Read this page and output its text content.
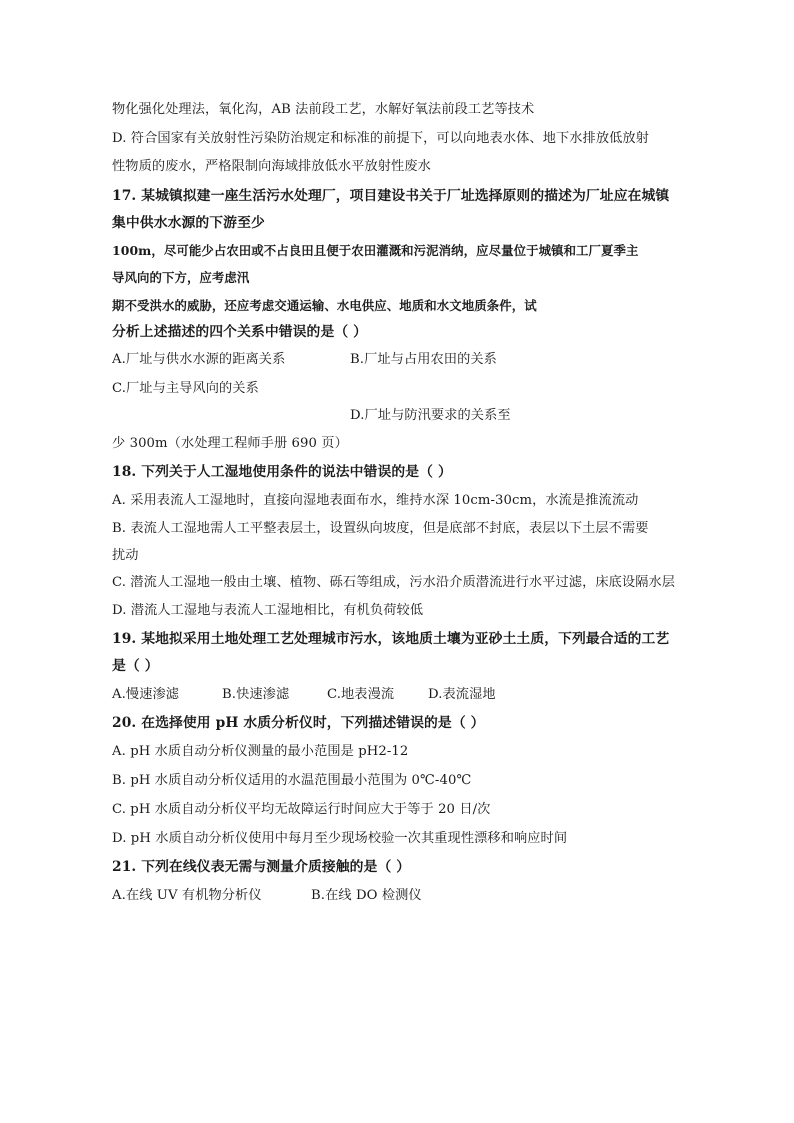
物化强化处理法，氧化沟，AB 法前段工艺，水解好氧法前段工艺等技术
D. 符合国家有关放射性污染防治规定和标准的前提下，可以向地表水体、地下水排放低放射
性物质的废水，严格限制向海域排放低水平放射性废水
17. 某城镇拟建一座生活污水处理厂，项目建设书关于厂址选择原则的描述为厂址应在城镇
集中供水水源的下游至少
100m，尽可能少占农田或不占良田且便于农田灌溉和污泥消纳，应尽量位于城镇和工厂夏季主
导风向的下方，应考虑汛
期不受洪水的威胁，还应考虑交通运输、水电供应、地质和水文地质条件，试
分析上述描述的四个关系中错误的是（ ）
A.厂址与供水水源的距离关系	B.厂址与占用农田的关系
C.厂址与主导风向的关系
D.厂址与防汛要求的关系至
少 300m（水处理工程师手册 690 页）
18. 下列关于人工湿地使用条件的说法中错误的是（ ）
A. 采用表流人工湿地时，直接向湿地表面布水，维持水深 10cm-30cm，水流是推流流动
B. 表流人工湿地需人工平整表层土，设置纵向坡度，但是底部不封底，表层以下土层不需要
扰动
C. 潜流人工湿地一般由土壤、植物、砾石等组成，污水沿介质潜流进行水平过滤，床底设隔水层
D. 潜流人工湿地与表流人工湿地相比，有机负荷较低
19. 某地拟采用土地处理工艺处理城市污水，该地质土壤为亚砂土土质，下列最合适的工艺
是（ ）
A.慢速渗滤	B.快速渗滤	C.地表漫流	D.表流湿地
20. 在选择使用 pH 水质分析仪时，下列描述错误的是（ ）
A. pH 水质自动分析仪测量的最小范围是 pH2-12
B. pH 水质自动分析仪适用的水温范围最小范围为 0℃-40℃
C. pH 水质自动分析仪平均无故障运行时间应大于等于 20 日/次
D. pH 水质自动分析仪使用中每月至少现场校验一次其重现性漂移和响应时间
21. 下列在线仪表无需与测量介质接触的是（ ）
A.在线 UV 有机物分析仪	B.在线 DO 检测仪
